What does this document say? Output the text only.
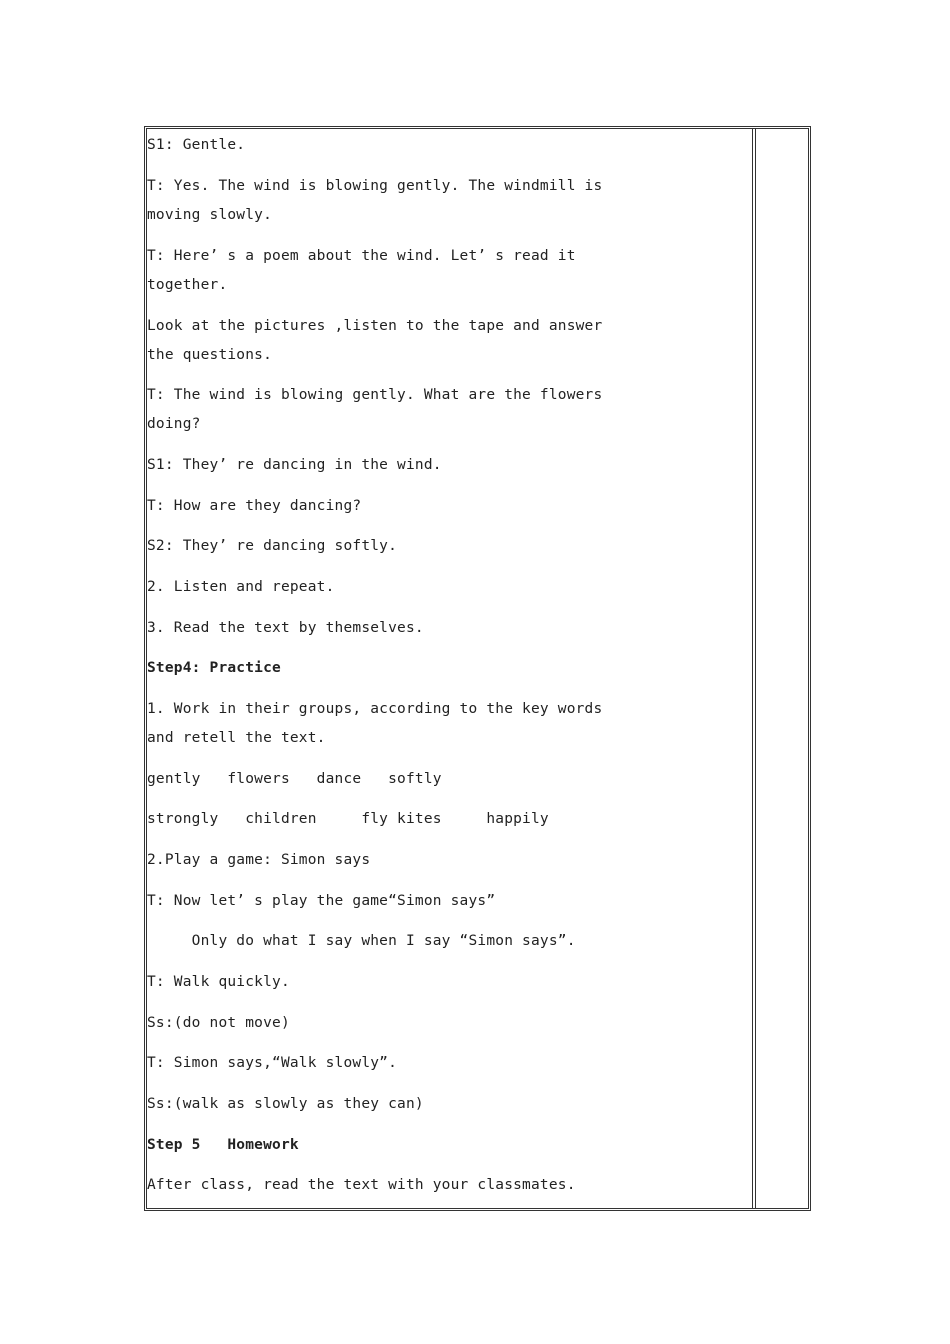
S1: Gentle.
T: Yes. The wind is blowing gently. The windmill is
moving slowly.
T: Here’ s a poem about the wind. Let’ s read it
together.
Look at the pictures ,listen to the tape and answer
the questions.
T: The wind is blowing gently. What are the flowers
doing?
S1: They’ re dancing in the wind.
T: How are they dancing?
S2: They’ re dancing softly.
2. Listen and repeat.
3. Read the text by themselves.
Step4: Practice
1. Work in their groups, according to the key words
and retell the text.
gently   flowers   dance   softly
strongly   children     fly kites     happily
2.Play a game: Simon says
T: Now let’ s play the game“Simon says”
Only do what I say when I say “Simon says”.
T: Walk quickly.
Ss:(do not move)
T: Simon says,“Walk slowly”.
Ss:(walk as slowly as they can)
Step 5   Homework
After class, read the text with your classmates.
